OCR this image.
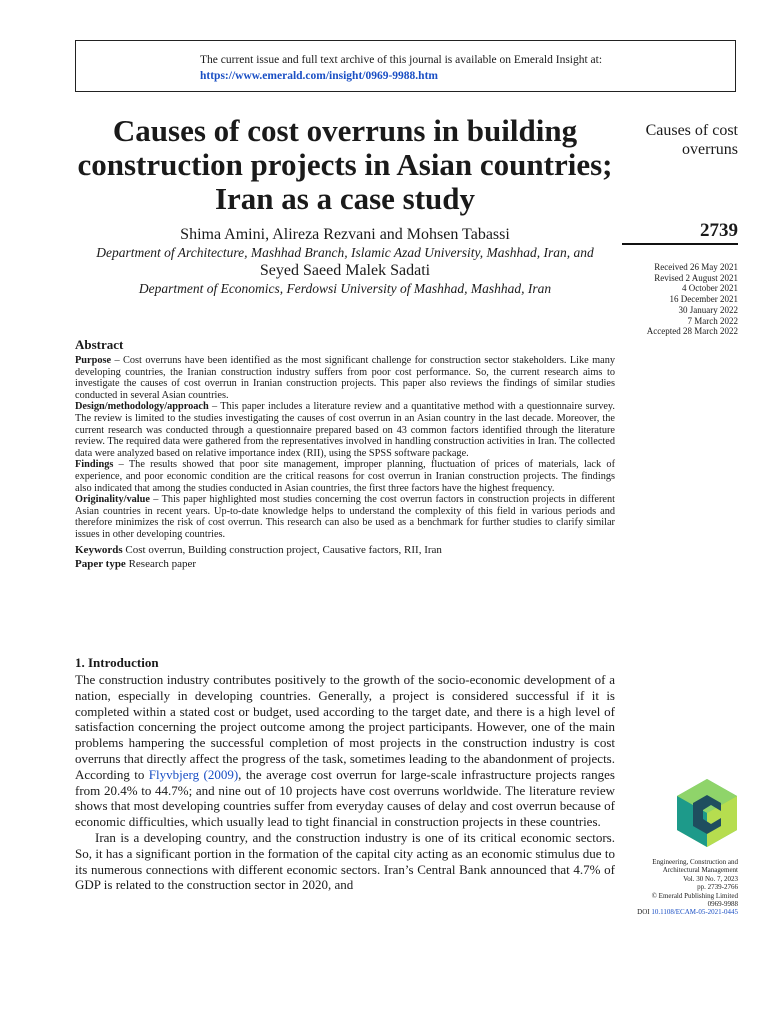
The current issue and full text archive of this journal is available on Emerald Insight at:
https://www.emerald.com/insight/0969-9988.htm
Causes of cost overruns in building construction projects in Asian countries; Iran as a case study
Causes of cost overruns
2739
Received 26 May 2021
Revised 2 August 2021
4 October 2021
16 December 2021
30 January 2022
7 March 2022
Accepted 28 March 2022
Shima Amini, Alireza Rezvani and Mohsen Tabassi
Department of Architecture, Mashhad Branch, Islamic Azad University, Mashhad, Iran, and
Seyed Saeed Malek Sadati
Department of Economics, Ferdowsi University of Mashhad, Mashhad, Iran
Abstract

Purpose – Cost overruns have been identified as the most significant challenge for construction sector stakeholders. Like many developing countries, the Iranian construction industry suffers from poor cost performance. So, the current research aims to investigate the causes of cost overrun in Iranian construction projects. This paper also reviews the findings of similar studies conducted in several Asian countries.

Design/methodology/approach – This paper includes a literature review and a quantitative method with a questionnaire survey. The review is limited to the studies investigating the causes of cost overrun in an Asian country in the last decade. Moreover, the current research was conducted through a questionnaire prepared based on 43 common factors identified through the literature review. The required data were gathered from the representatives involved in handling construction activities in Iran. The collected data were analyzed based on relative importance index (RII), using the SPSS software package.

Findings – The results showed that poor site management, improper planning, fluctuation of prices of materials, lack of experience, and poor economic condition are the critical reasons for cost overrun in Iranian construction projects. The findings also indicated that among the studies conducted in Asian countries, the first three factors have the highest frequency.

Originality/value – This paper highlighted most studies concerning the cost overrun factors in construction projects in different Asian countries in recent years. Up-to-date knowledge helps to understand the complexity of this field in various periods and therefore minimizes the risk of cost overrun. This research can also be used as a benchmark for further studies to clarify similar issues in other developing countries.

Keywords Cost overrun, Building construction project, Causative factors, RII, Iran

Paper type Research paper

1. Introduction

The construction industry contributes positively to the growth of the socio-economic development of a nation, especially in developing countries. Generally, a project is considered successful if it is completed within a stated cost or budget, used according to the target date, and there is a high level of satisfaction concerning the project outcome among the project participants. However, one of the main problems hampering the successful completion of most projects in the construction industry is cost overruns that directly affect the progress of the task, sometimes leading to the abandonment of projects. According to Flyvbjerg (2009), the average cost overrun for large-scale infrastructure projects ranges from 20.4% to 44.7%; and nine out of 10 projects have cost overruns worldwide. The literature review shows that most developing countries suffer from everyday causes of delay and cost overrun because of economic difficulties, which usually lead to tight financial in construction projects in these countries.

Iran is a developing country, and the construction industry is one of its critical economic sectors. So, it has a significant portion in the formation of the capital city acting as an economic stimulus due to its numerous connections with different economic sectors. Iran’s Central Bank announced that 4.7% of GDP is related to the construction sector in 2020, and

Engineering, Construction and
Architectural Management
Vol. 30 No. 7, 2023
pp. 2739-2766
© Emerald Publishing Limited
0969-9988
DOI 10.1108/ECAM-05-2021-0445
